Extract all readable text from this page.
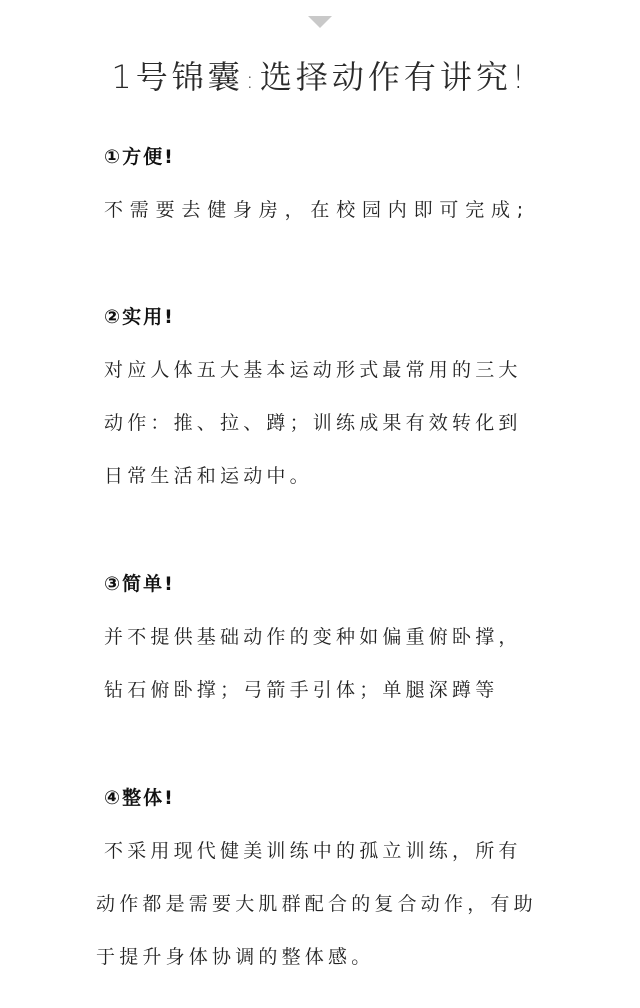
1号锦囊:选择动作有讲究!
①方便!
不需要去健身房，在校园内即可完成;
②实用!
对应人体五大基本运动形式最常用的三大
动作：推、拉、蹲；训练成果有效转化到
日常生活和运动中。
③简单!
并不提供基础动作的变种如偏重俯卧撑，
钻石俯卧撑；弓箭手引体；单腿深蹲等
④整体!
不采用现代健美训练中的孤立训练，所有
动作都是需要大肌群配合的复合动作，有助
于提升身体协调的整体感。
